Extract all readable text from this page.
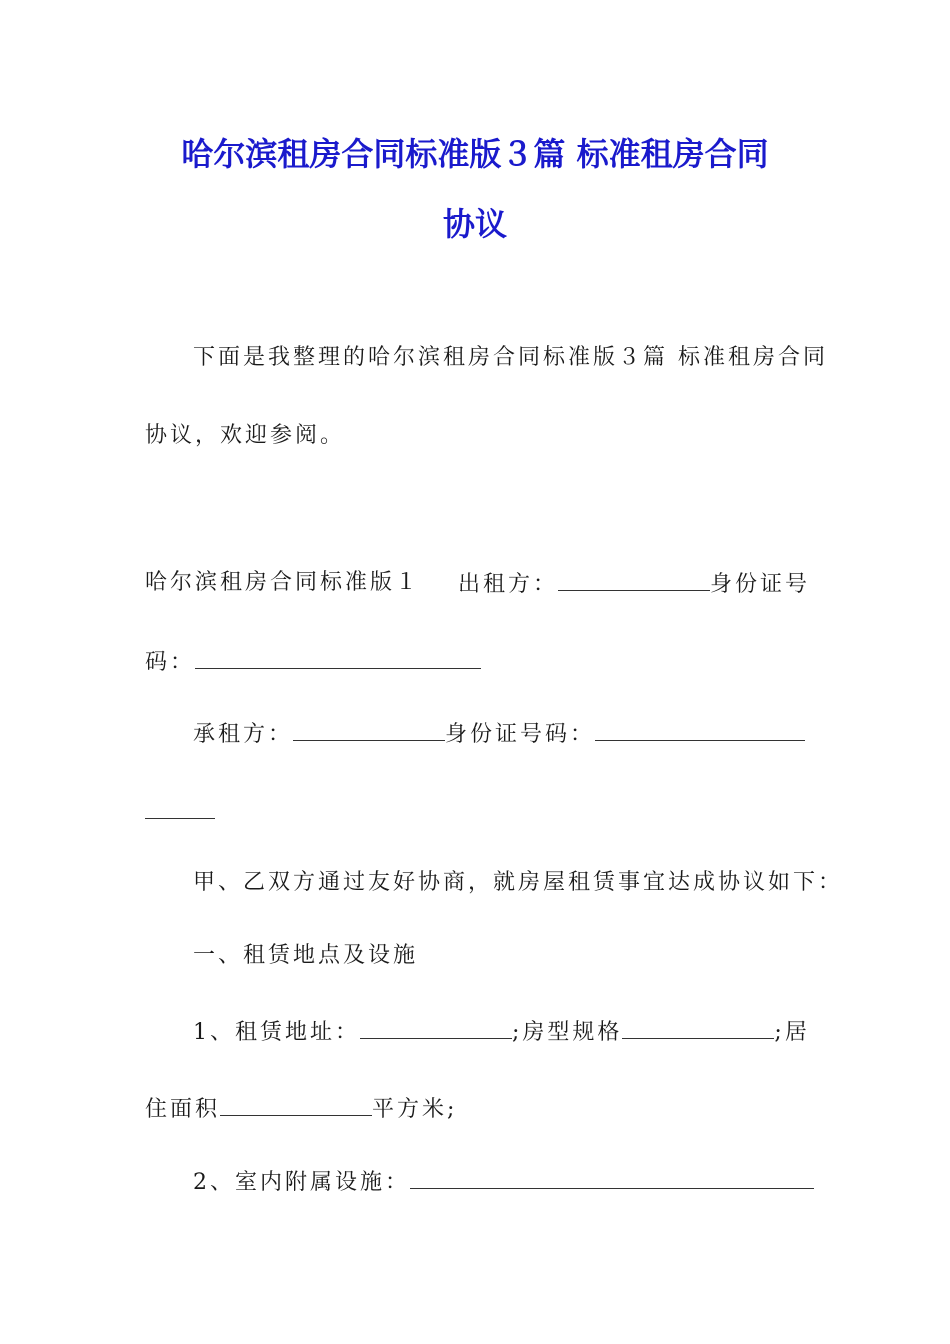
哈尔滨租房合同标准版３篇 标准租房合同
协议
下面是我整理的哈尔滨租房合同标准版３篇 标准租房合同
协议，欢迎参阅。
哈尔滨租房合同标准版１ 出租方：	身份证号
码：
承租方：	身份证号码：
甲、乙双方通过友好协商，就房屋租赁事宜达成协议如下：
一、租赁地点及设施
1、租赁地址：	;房型规格	;居
住面积	平方米;
2、室内附属设施：
